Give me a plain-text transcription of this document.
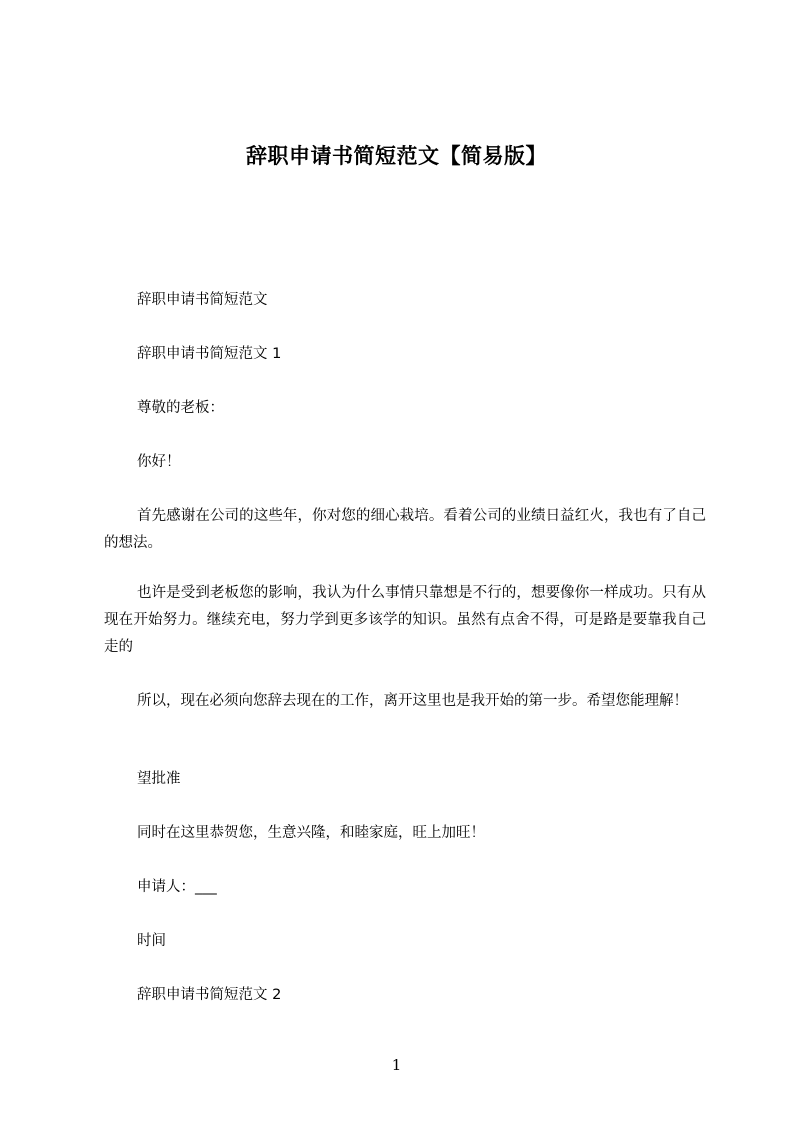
辞职申请书简短范文【简易版】

辞职申请书简短范文

辞职申请书简短范文 1

尊敬的老板：

你好！

首先感谢在公司的这些年，你对您的细心栽培。看着公司的业绩日益红火，我也有了自己的想法。

也许是受到老板您的影响，我认为什么事情只靠想是不行的，想要像你一样成功。只有从现在开始努力。继续充电，努力学到更多该学的知识。虽然有点舍不得，可是路是要靠我自己走的

所以，现在必须向您辞去现在的工作，离开这里也是我开始的第一步。希望您能理解！

望批准

同时在这里恭贺您，生意兴隆，和睦家庭，旺上加旺！

申请人：___

时间

辞职申请书简短范文 2

1
